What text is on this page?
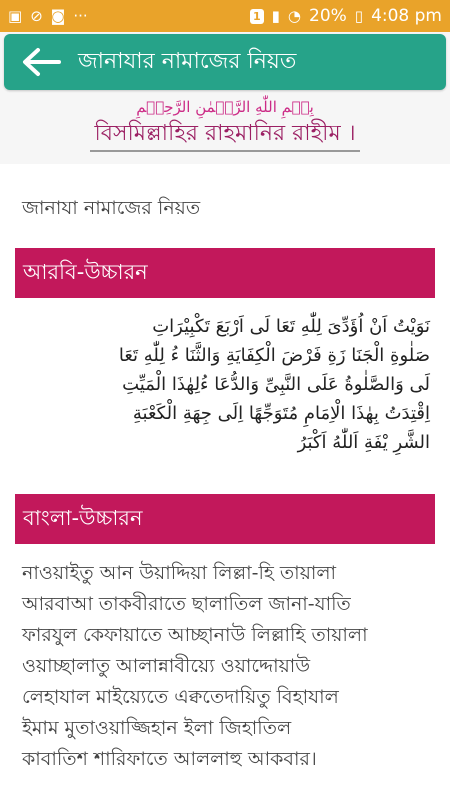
▣ ⊘ ◙ ···	1 ▮ ◔ 20% ▯ 4:08 pm
জানাযার নামাজের নিয়ত
بِسۡمِ اللّٰهِ الرَّحۡمٰنِ الرَّحِیۡمِ
বিসমিল্লাহির রাহমানির রাহীম ।
জানাযা নামাজের নিয়ত
আরবি-উচ্চারন
نَوَيْتُ اَنْ اُؤَدِّىَ لِلّٰهِ تَعَا لَى اَرْبَعَ تَكْبِيْرَاتِ
صَلٰوةِ الْجَنَا زَةِ فَرْضَ الْكِفَايَةِ وَالثَّنَا ءُ لِلّٰهِ تَعَا
لَى وَالصَّلٰوةُ عَلَى النَّبِىِّ وَالدُّعَا ءُلِهٰذَا الْمَيِّتِ
اِقْتِدَتُ بِهٰذَا الْاِمَامِ مُتَوَجِّهًا اِلَى جِهَةِ الْكَعْبَةِ
الشَّرِ يْفَةِ اَللّٰهُ اَكْبَرُ
বাংলা-উচ্চারন
নাওয়াইতু আন উয়াদ্দিয়া লিল্লা-হি তায়ালা
আরবাআ তাকবীরাতে ছালাতিল জানা-যাতি
ফারযুল কেফায়াতে আচ্ছানাউ লিল্লাহি তায়ালা
ওয়াচ্ছালাতু আলান্নাবীয়্যে ওয়াদ্দোয়াউ
লেহাযাল মাইয়্যেতে এক্বতেদায়িতু বিহাযাল
ইমাম মুতাওয়াজ্জিহান ইলা জিহাতিল
কাবাতিশ শারিফাতে আললাহু আকবার।
